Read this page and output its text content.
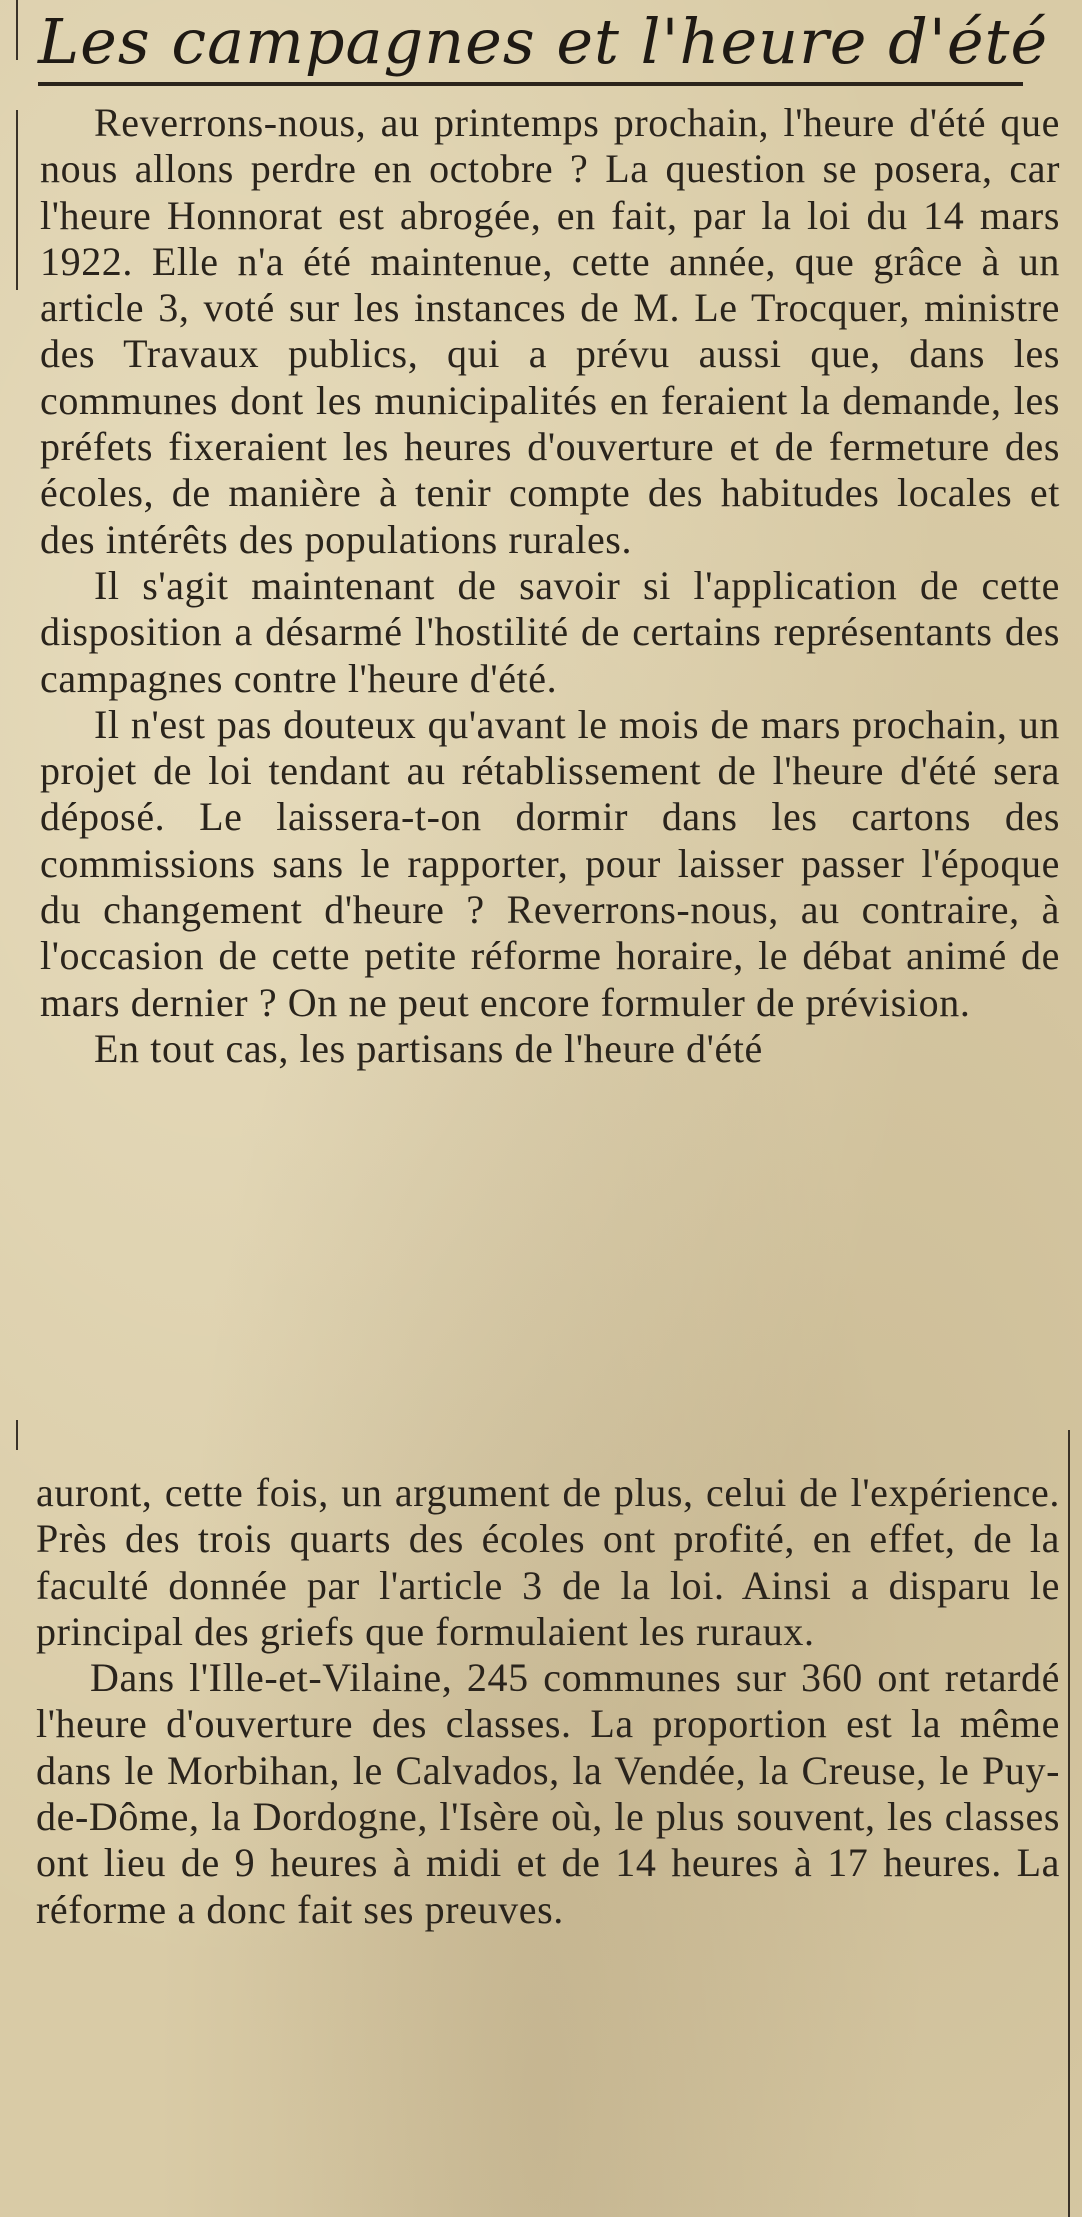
Les campagnes et l'heure d'été

Reverrons-nous, au printemps prochain, l'heure d'été que nous allons perdre en octobre ? La question se posera, car l'heure Honnorat est abrogée, en fait, par la loi du 14 mars 1922. Elle n'a été maintenue, cette année, que grâce à un article 3, voté sur les instances de M. Le Trocquer, ministre des Travaux publics, qui a prévu aussi que, dans les communes dont les municipalités en feraient la demande, les préfets fixeraient les heures d'ouverture et de fermeture des écoles, de manière à tenir compte des habitudes locales et des intérêts des populations rurales.

Il s'agit maintenant de savoir si l'application de cette disposition a désarmé l'hostilité de certains représentants des campagnes contre l'heure d'été.

Il n'est pas douteux qu'avant le mois de mars prochain, un projet de loi tendant au rétablissement de l'heure d'été sera déposé. Le laissera-t-on dormir dans les cartons des commissions sans le rapporter, pour laisser passer l'époque du changement d'heure ? Reverrons-nous, au contraire, à l'occasion de cette petite réforme horaire, le débat animé de mars dernier ? On ne peut encore formuler de prévision.

En tout cas, les partisans de l'heure d'été

auront, cette fois, un argument de plus, celui de l'expérience. Près des trois quarts des écoles ont profité, en effet, de la faculté donnée par l'article 3 de la loi. Ainsi a disparu le principal des griefs que formulaient les ruraux.

Dans l'Ille-et-Vilaine, 245 communes sur 360 ont retardé l'heure d'ouverture des classes. La proportion est la même dans le Morbihan, le Calvados, la Vendée, la Creuse, le Puy-de-Dôme, la Dordogne, l'Isère où, le plus souvent, les classes ont lieu de 9 heures à midi et de 14 heures à 17 heures. La réforme a donc fait ses preuves.
